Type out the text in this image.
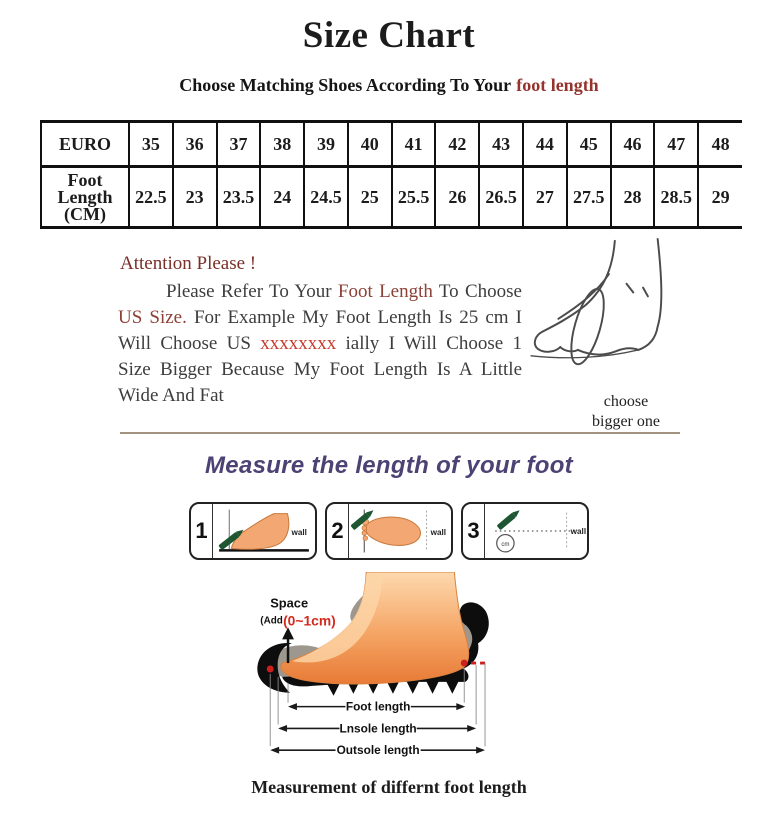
Size Chart
Choose Matching Shoes According To Your foot length
EURO	35	36	37	38	39	40	41	42	43	44	45	46	47	48

Foot
Length
(CM)	22.5	23	23.5	24	24.5	25	25.5	26	26.5	27	27.5	28	28.5	29
choose
bigger one
Attention Please !

Please Refer To Your Foot Length To Choose US Size. For Example My Foot Length Is 25 cm I Will Choose US xxxxxxxx ially I Will Choose 1 Size Bigger Because My Foot Length Is A Little Wide And Fat

Measure the length of your foot
1	wall 2	wall 3
cm
wall
Space
(Add (0~1cm)
Foot length
Lnsole length
Outsole length
Measurement of differnt foot length
